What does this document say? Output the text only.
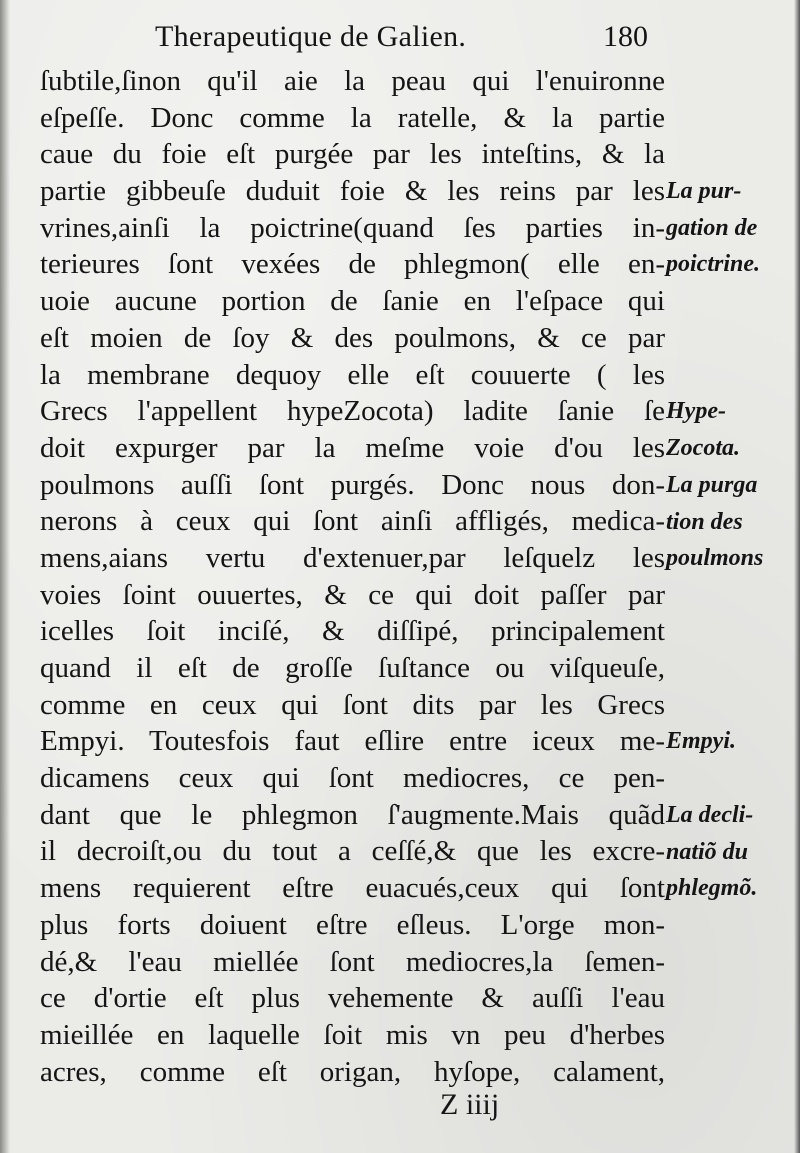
Therapeutique de Galien.	180
ſubtile,ſinon qu'il aie la peau qui l'enuironne
eſpeſſe. Donc comme la ratelle, & la partie
caue du foie eſt purgée par les inteſtins, & la
partie gibbeuſe duduit foie & les reins par les
vrines,ainſi la poictrine(quand ſes parties in-
terieures ſont vexées de phlegmon( elle en-
uoie aucune portion de ſanie en l'eſpace qui
eſt moien de ſoy & des poulmons, & ce par
la membrane dequoy elle eſt couuerte ( les
Grecs l'appellent hypeZocota) ladite ſanie ſe
doit expurger par la meſme voie d'ou les
poulmons auſſi ſont purgés. Donc nous don-
nerons à ceux qui ſont ainſi affligés, medica-
mens,aians vertu d'extenuer,par leſquelz les
voies ſoint ouuertes, & ce qui doit paſſer par
icelles ſoit inciſé, & diſſipé, principalement
quand il eſt de groſſe ſuſtance ou viſqueuſe,
comme en ceux qui ſont dits par les Grecs
Empyi. Toutesfois faut eſlire entre iceux me-
dicamens ceux qui ſont mediocres, ce pen-
dant que le phlegmon ſ'augmente.Mais quãd
il decroiſt,ou du tout a ceſſé,& que les excre-
mens requierent eſtre euacués,ceux qui ſont
plus forts doiuent eſtre eſleus. L'orge mon-
dé,& l'eau miellée ſont mediocres,la ſemen-
ce d'ortie eſt plus vehemente & auſſi l'eau
mieillée en laquelle ſoit mis vn peu d'herbes
acres, comme eſt origan, hyſope, calament,
La pur-
gation de
poictrine.
Hype-
Zocota.
La purga
tion des
poulmons
Empyi.
La decli-
natiõ du
phlegmõ.
Z iiij
